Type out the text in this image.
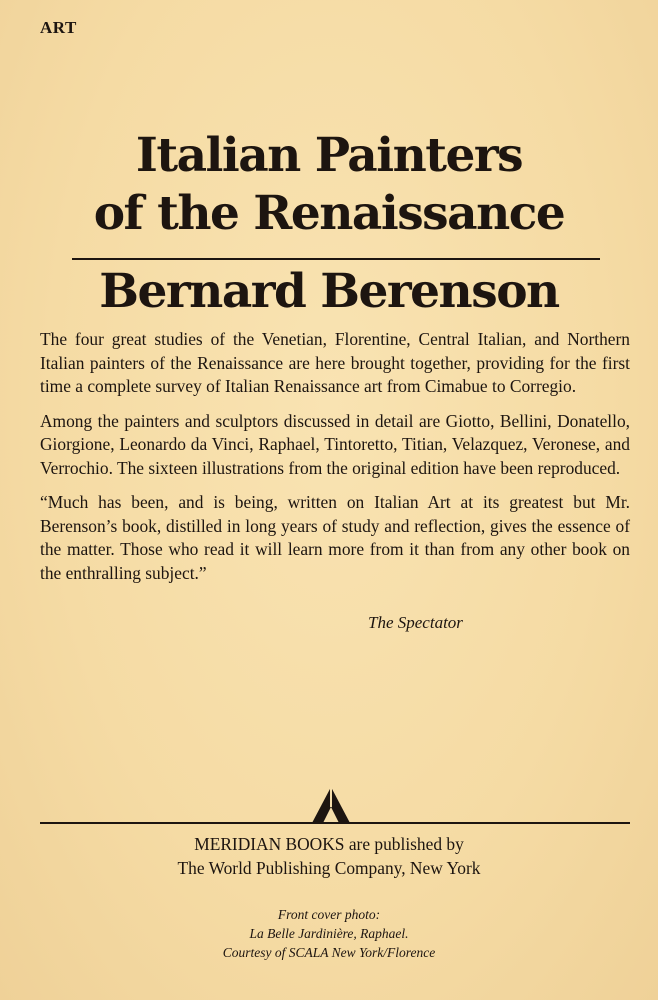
ART
Italian Painters
of the Renaissance
Bernard Berenson

The four great studies of the Venetian, Florentine, Central Italian, and Northern Italian painters of the Renaissance are here brought together, providing for the first time a complete survey of Italian Renaissance art from Cimabue to Corregio.

Among the painters and sculptors discussed in detail are Giotto, Bellini, Donatello, Giorgione, Leonardo da Vinci, Raphael, Tintoretto, Titian, Velazquez, Veronese, and Verrochio. The sixteen illustrations from the original edition have been reproduced.

“Much has been, and is being, written on Italian Art at its greatest but Mr. Berenson’s book, distilled in long years of study and reflection, gives the essence of the matter. Those who read it will learn more from it than from any other book on the enthralling subject.”

The Spectator
MERIDIAN BOOKS are published by
The World Publishing Company, New York
Front cover photo:
La Belle Jardinière, Raphael.
Courtesy of SCALA New York/Florence
